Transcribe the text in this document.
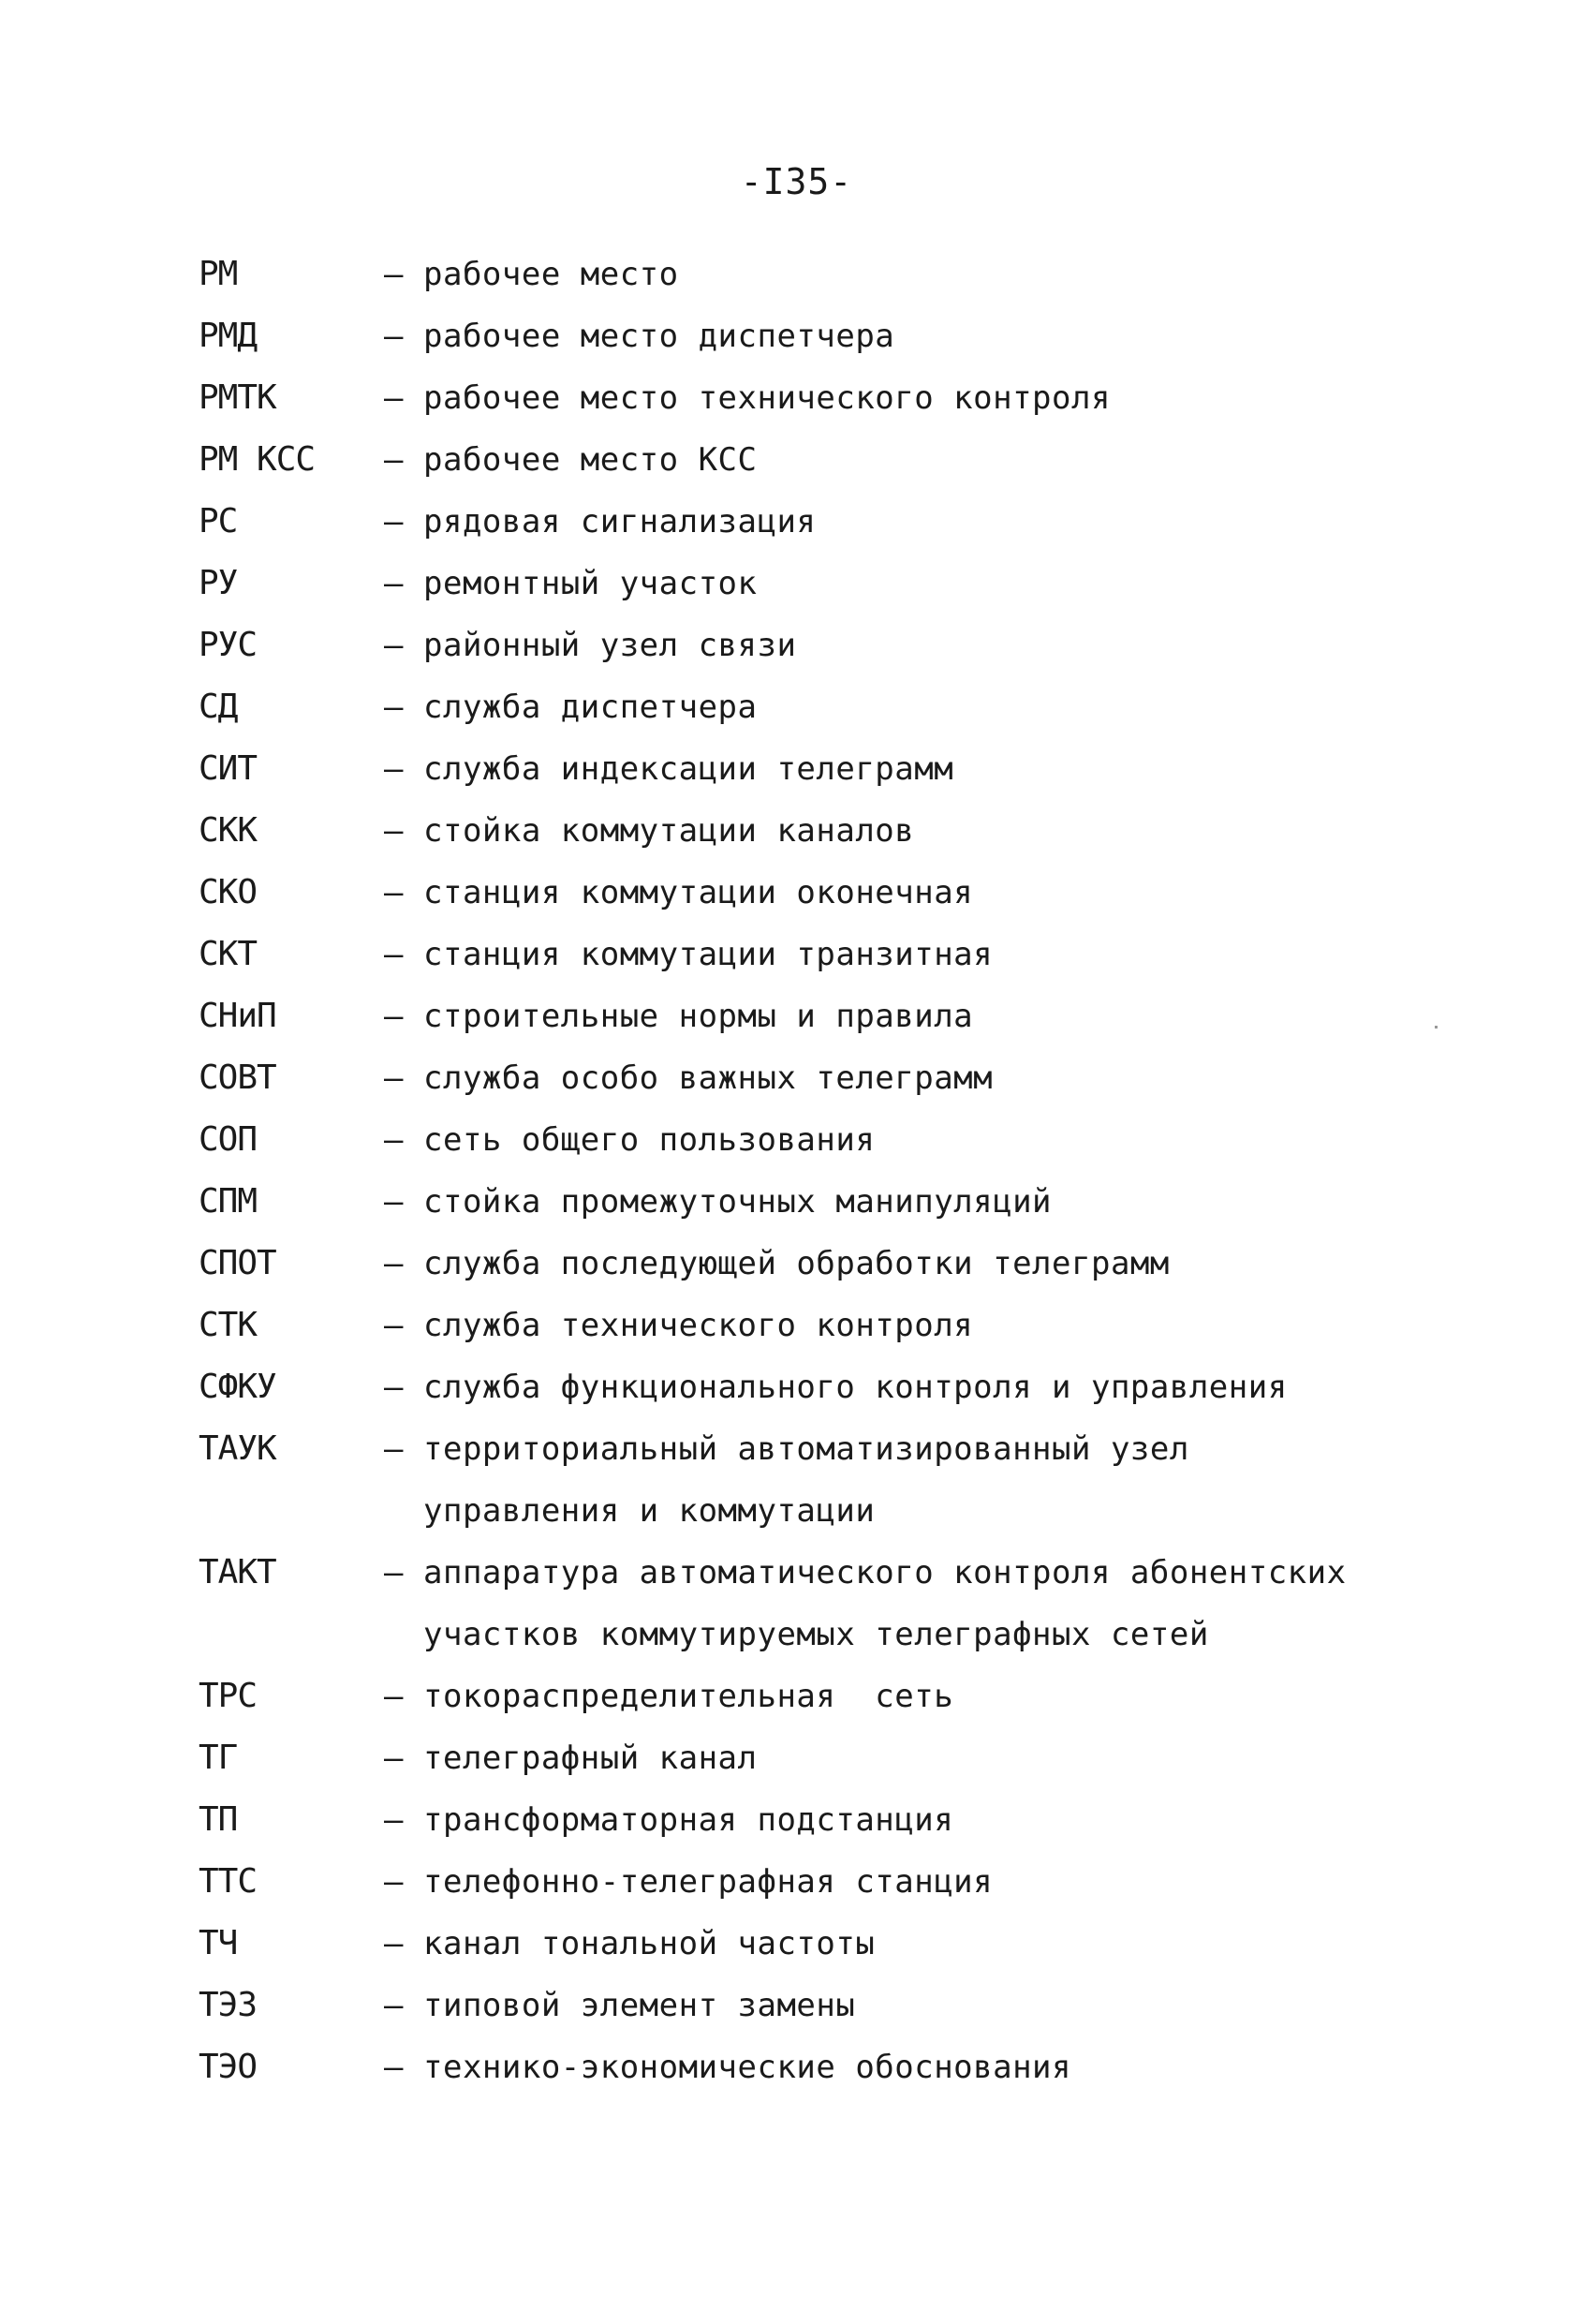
-I35-
РМ	– рабочее место
РМД	– рабочее место диспетчера
РМТК	– рабочее место технического контроля
РМ КСС	– рабочее место КСС
РС	– рядовая сигнализация
РУ	– ремонтный участок
РУС	– районный узел связи
СД	– служба диспетчера
СИТ	– служба индексации телеграмм
СКК	– стойка коммутации каналов
СКО	– станция коммутации оконечная
СКТ	– станция коммутации транзитная
СНиП	– строительные нормы и правила
СОВТ	– служба особо важных телеграмм
СОП	– сеть общего пользования
СПМ	– стойка промежуточных манипуляций
СПОТ	– служба последующей обработки телеграмм
СТК	– служба технического контроля
СФКУ	– служба функционального контроля и управления
ТАУК	– территориальный автоматизированный узел
управления и коммутации
ТАКТ	– аппаратура автоматического контроля абонентских
участков коммутируемых телеграфных сетей
ТРС	– токораспределительная  сеть
ТГ	– телеграфный канал
ТП	– трансформаторная подстанция
ТТС	– телефонно-телеграфная станция
ТЧ	– канал тональной частоты
ТЭЗ	– типовой элемент замены
ТЭО	– технико-экономические обоснования
